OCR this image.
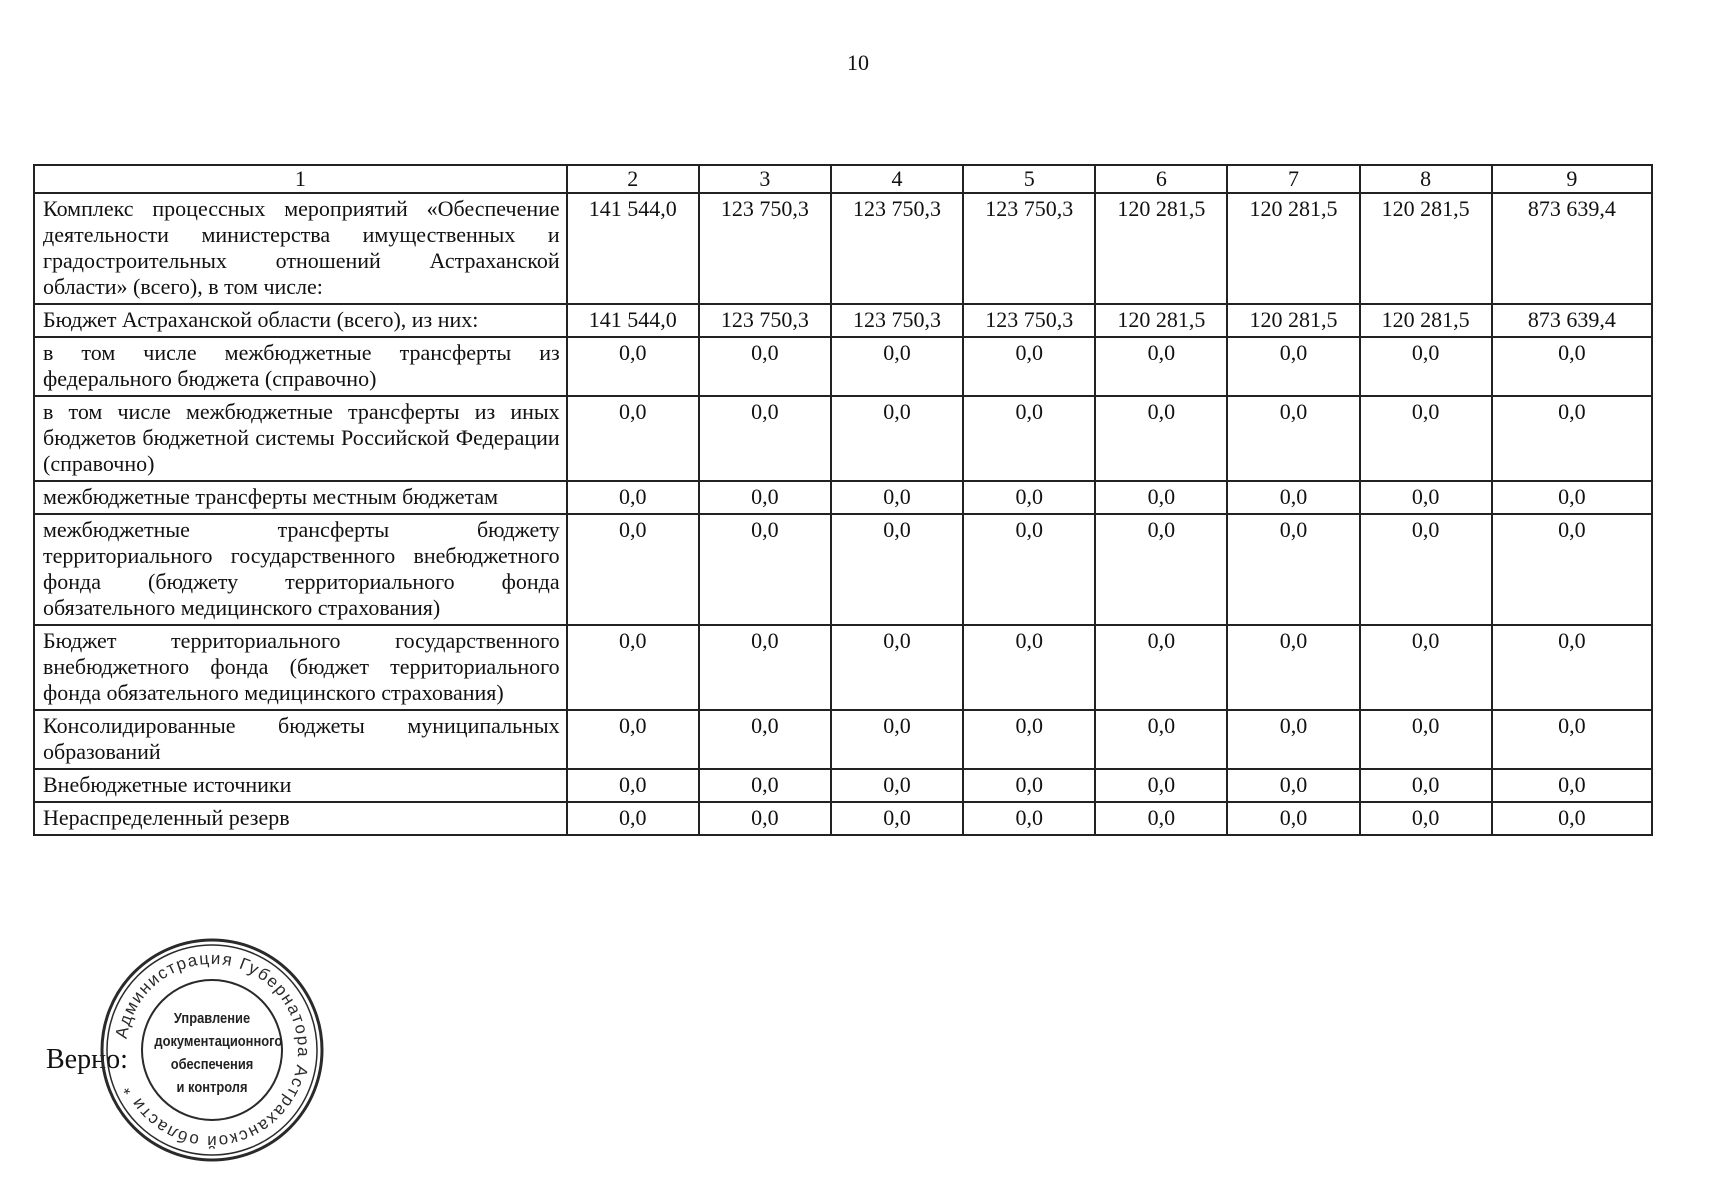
10
1	2	3	4	5	6	7	8	9
Комплекс процессных мероприятий «Обеспечение деятельности министерства имущественных и градостроительных отношений Астраханской области» (всего), в том числе:	141 544,0	123 750,3	123 750,3	123 750,3	120 281,5	120 281,5	120 281,5	873 639,4
Бюджет Астраханской области (всего), из них:	141 544,0	123 750,3	123 750,3	123 750,3	120 281,5	120 281,5	120 281,5	873 639,4
в том числе межбюджетные трансферты из федерального бюджета (справочно)	0,0	0,0	0,0	0,0	0,0	0,0	0,0	0,0
в том числе межбюджетные трансферты из иных бюджетов бюджетной системы Российской Федерации (справочно)	0,0	0,0	0,0	0,0	0,0	0,0	0,0	0,0
межбюджетные трансферты местным бюджетам	0,0	0,0	0,0	0,0	0,0	0,0	0,0	0,0
межбюджетные трансферты бюджету территориального государственного внебюджетного фонда (бюджету территориального фонда обязательного медицинского страхования)	0,0	0,0	0,0	0,0	0,0	0,0	0,0	0,0
Бюджет территориального государственного внебюджетного фонда (бюджет территориального фонда обязательного медицинского страхования)	0,0	0,0	0,0	0,0	0,0	0,0	0,0	0,0
Консолидированные бюджеты муниципальных образований	0,0	0,0	0,0	0,0	0,0	0,0	0,0	0,0
Внебюджетные источники	0,0	0,0	0,0	0,0	0,0	0,0	0,0	0,0
Нераспределенный резерв	0,0	0,0	0,0	0,0	0,0	0,0	0,0	0,0
Верно:
Администрация Губернатора Астраханской области *
Управление
документационного
обеспечения
и контроля
